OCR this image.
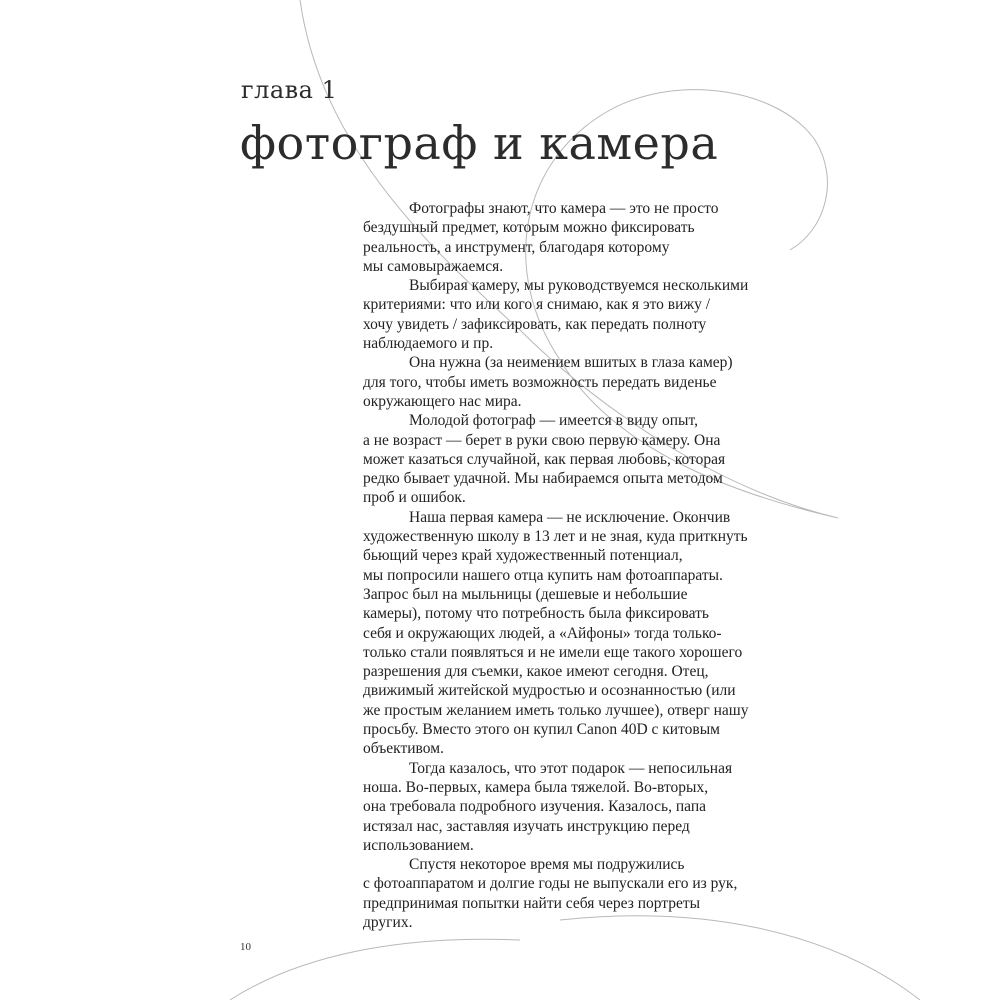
глава 1
фотограф и камера
Фотографы знают, что камера — это не просто
бездушный предмет, которым можно фиксировать
реальность, а инструмент, благодаря которому
мы самовыражаемся.
Выбирая камеру, мы руководствуемся несколькими
критериями: что или кого я снимаю, как я это вижу /
хочу увидеть / зафиксировать, как передать полноту
наблюдаемого и пр.
Она нужна (за неимением вшитых в глаза камер)
для того, чтобы иметь возможность передать виденье
окружающего нас мира.
Молодой фотограф — имеется в виду опыт,
а не возраст — берет в руки свою первую камеру. Она
может казаться случайной, как первая любовь, которая
редко бывает удачной. Мы набираемся опыта методом
проб и ошибок.
Наша первая камера — не исключение. Окончив
художественную школу в 13 лет и не зная, куда приткнуть
бьющий через край художественный потенциал,
мы попросили нашего отца купить нам фотоаппараты.
Запрос был на мыльницы (дешевые и небольшие
камеры), потому что потребность была фиксировать
себя и окружающих людей, а «Айфоны» тогда только-
только стали появляться и не имели еще такого хорошего
разрешения для съемки, какое имеют сегодня. Отец,
движимый житейской мудростью и осознанностью (или
же простым желанием иметь только лучшее), отверг нашу
просьбу. Вместо этого он купил Canon 40D с китовым
объективом.
Тогда казалось, что этот подарок — непосильная
ноша. Во-первых, камера была тяжелой. Во-вторых,
она требовала подробного изучения. Казалось, папа
истязал нас, заставляя изучать инструкцию перед
использованием.
Спустя некоторое время мы подружились
с фотоаппаратом и долгие годы не выпускали его из рук,
предпринимая попытки найти себя через портреты
других.
10
